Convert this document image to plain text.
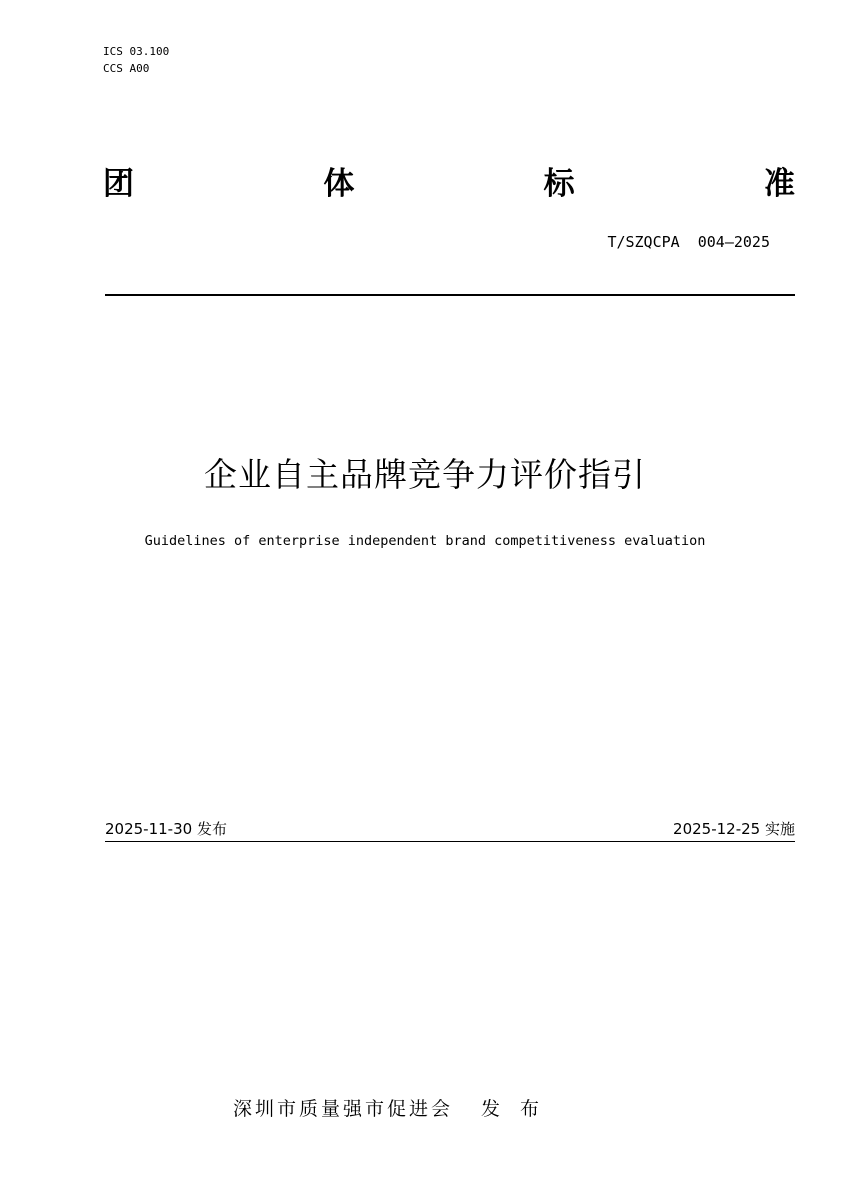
ICS 03.100
CCS A00
团	体	标	准
T/SZQCPA  004—2025
企业自主品牌竞争力评价指引
Guidelines of enterprise independent brand competitiveness evaluation
2025-11-30 发布	2025-12-25 实施
深圳市质量强市促进会 发 布
